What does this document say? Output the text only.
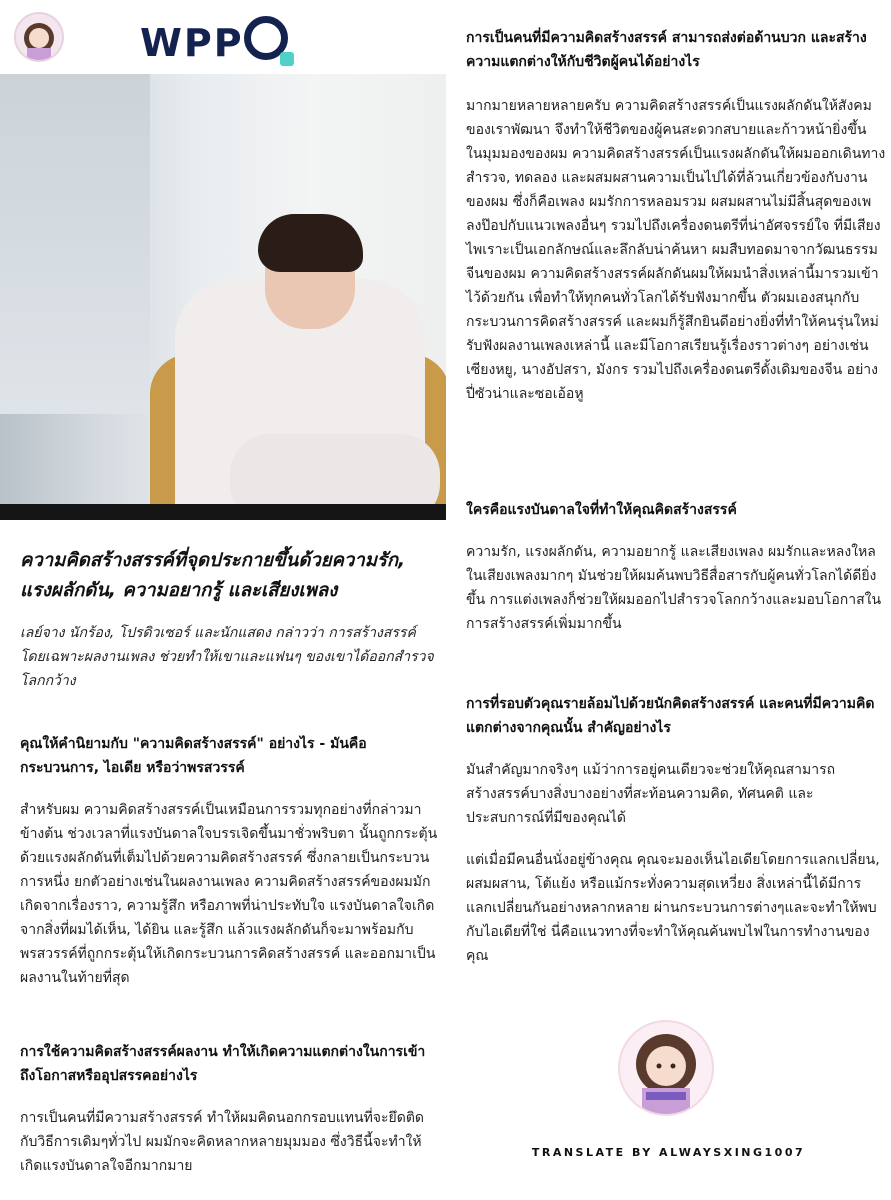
WPP
ความคิดสร้างสรรค์ที่จุดประกายขึ้นด้วยความรัก, แรงผลักดัน, ความอยากรู้ และเสียงเพลง

เลย์จาง นักร้อง, โปรดิวเซอร์ และนักแสดง กล่าวว่า การสร้างสรรค์ โดยเฉพาะผลงานเพลง ช่วยทำให้เขาและแฟนๆ ของเขาได้ออกสำรวจโลกกว้าง

คุณให้คำนิยามกับ "ความคิดสร้างสรรค์" อย่างไร - มันคือกระบวนการ, ไอเดีย หรือว่าพรสวรรค์

สำหรับผม ความคิดสร้างสรรค์เป็นเหมือนการรวมทุกอย่างที่กล่าวมาข้างต้น ช่วงเวลาที่แรงบันดาลใจบรรเจิดขึ้นมาชั่วพริบตา นั้นถูกกระตุ้นด้วยแรงผลักดันที่เต็มไปด้วยความคิดสร้างสรรค์ ซึ่งกลายเป็นกระบวนการหนึ่ง ยกตัวอย่างเช่นในผลงานเพลง ความคิดสร้างสรรค์ของผมมักเกิดจากเรื่องราว, ความรู้สึก หรือภาพที่น่าประทับใจ แรงบันดาลใจเกิดจากสิ่งที่ผมได้เห็น, ได้ยิน และรู้สึก แล้วแรงผลักดันก็จะมาพร้อมกับพรสวรรค์ที่ถูกกระตุ้นให้เกิดกระบวนการคิดสร้างสรรค์ และออกมาเป็นผลงานในท้ายที่สุด

การใช้ความคิดสร้างสรรค์ผลงาน ทำให้เกิดความแตกต่างในการเข้าถึงโอกาสหรืออุปสรรคอย่างไร

การเป็นคนที่มีความสร้างสรรค์ ทำให้ผมคิดนอกกรอบแทนที่จะยึดติดกับวิธีการเดิมๆทั่วไป ผมมักจะคิดหลากหลายมุมมอง ซึ่งวิธีนี้จะทำให้เกิดแรงบันดาลใจอีกมากมาย

การเป็นคนที่มีความคิดสร้างสรรค์ สามารถส่งต่อด้านบวก และสร้างความแตกต่างให้กับชีวิตผู้คนได้อย่างไร

มากมายหลายหลายครับ ความคิดสร้างสรรค์เป็นแรงผลักดันให้สังคมของเราพัฒนา จึงทำให้ชีวิตของผู้คนสะดวกสบายและก้าวหน้ายิ่งขึ้น ในมุมมองของผม ความคิดสร้างสรรค์เป็นแรงผลักดันให้ผมออกเดินทางสำรวจ, ทดลอง และผสมผสานความเป็นไปได้ที่ล้วนเกี่ยวข้องกับงานของผม ซึ่งก็คือเพลง ผมรักการหลอมรวม ผสมผสานไม่มีสิ้นสุดของเพลงป๊อปกับแนวเพลงอื่นๆ รวมไปถึงเครื่องดนตรีที่น่าอัศจรรย์ใจ ที่มีเสียงไพเราะเป็นเอกลักษณ์และลึกลับน่าค้นหา ผมสืบทอดมาจากวัฒนธรรมจีนของผม ความคิดสร้างสรรค์ผลักดันผมให้ผมนำสิ่งเหล่านี้มารวมเข้าไว้ด้วยกัน เพื่อทำให้ทุกคนทั่วโลกได้รับฟังมากขึ้น ตัวผมเองสนุกกับกระบวนการคิดสร้างสรรค์ และผมก็รู้สึกยินดีอย่างยิ่งที่ทำให้คนรุ่นใหม่รับฟังผลงานเพลงเหล่านี้ และมีโอกาสเรียนรู้เรื่องราวต่างๆ อย่างเช่น เซียงหยู, นางอัปสรา, มังกร รวมไปถึงเครื่องดนตรีดั้งเดิมของจีน อย่าง ปี่ซัวน่าและซอเอ้อหู

ใครคือแรงบันดาลใจที่ทำให้คุณคิดสร้างสรรค์

ความรัก, แรงผลักดัน, ความอยากรู้ และเสียงเพลง ผมรักและหลงใหลในเสียงเพลงมากๆ มันช่วยให้ผมค้นพบวิธีสื่อสารกับผู้คนทั่วโลกได้ดียิ่งขึ้น การแต่งเพลงก็ช่วยให้ผมออกไปสำรวจโลกกว้างและมอบโอกาสในการสร้างสรรค์เพิ่มมากขึ้น

การที่รอบตัวคุณรายล้อมไปด้วยนักคิดสร้างสรรค์ และคนที่มีความคิดแตกต่างจากคุณนั้น สำคัญอย่างไร

มันสำคัญมากจริงๆ แม้ว่าการอยู่คนเดียวจะช่วยให้คุณสามารถสร้างสรรค์บางสิ่งบางอย่างที่สะท้อนความคิด, ทัศนคติ และประสบการณ์ที่มีของคุณได้

แต่เมื่อมีคนอื่นนั่งอยู่ข้างคุณ คุณจะมองเห็นไอเดียโดยการแลกเปลี่ยน, ผสมผสาน, โต้แย้ง หรือแม้กระทั่งความสุดเหวี่ยง สิ่งเหล่านี้ได้มีการแลกเปลี่ยนกันอย่างหลากหลาย ผ่านกระบวนการต่างๆและจะทำให้พบกับไอเดียที่ใช่ นี่คือแนวทางที่จะทำให้คุณค้นพบไฟในการทำงานของคุณ

TRANSLATE BY ALWAYSXING1007
